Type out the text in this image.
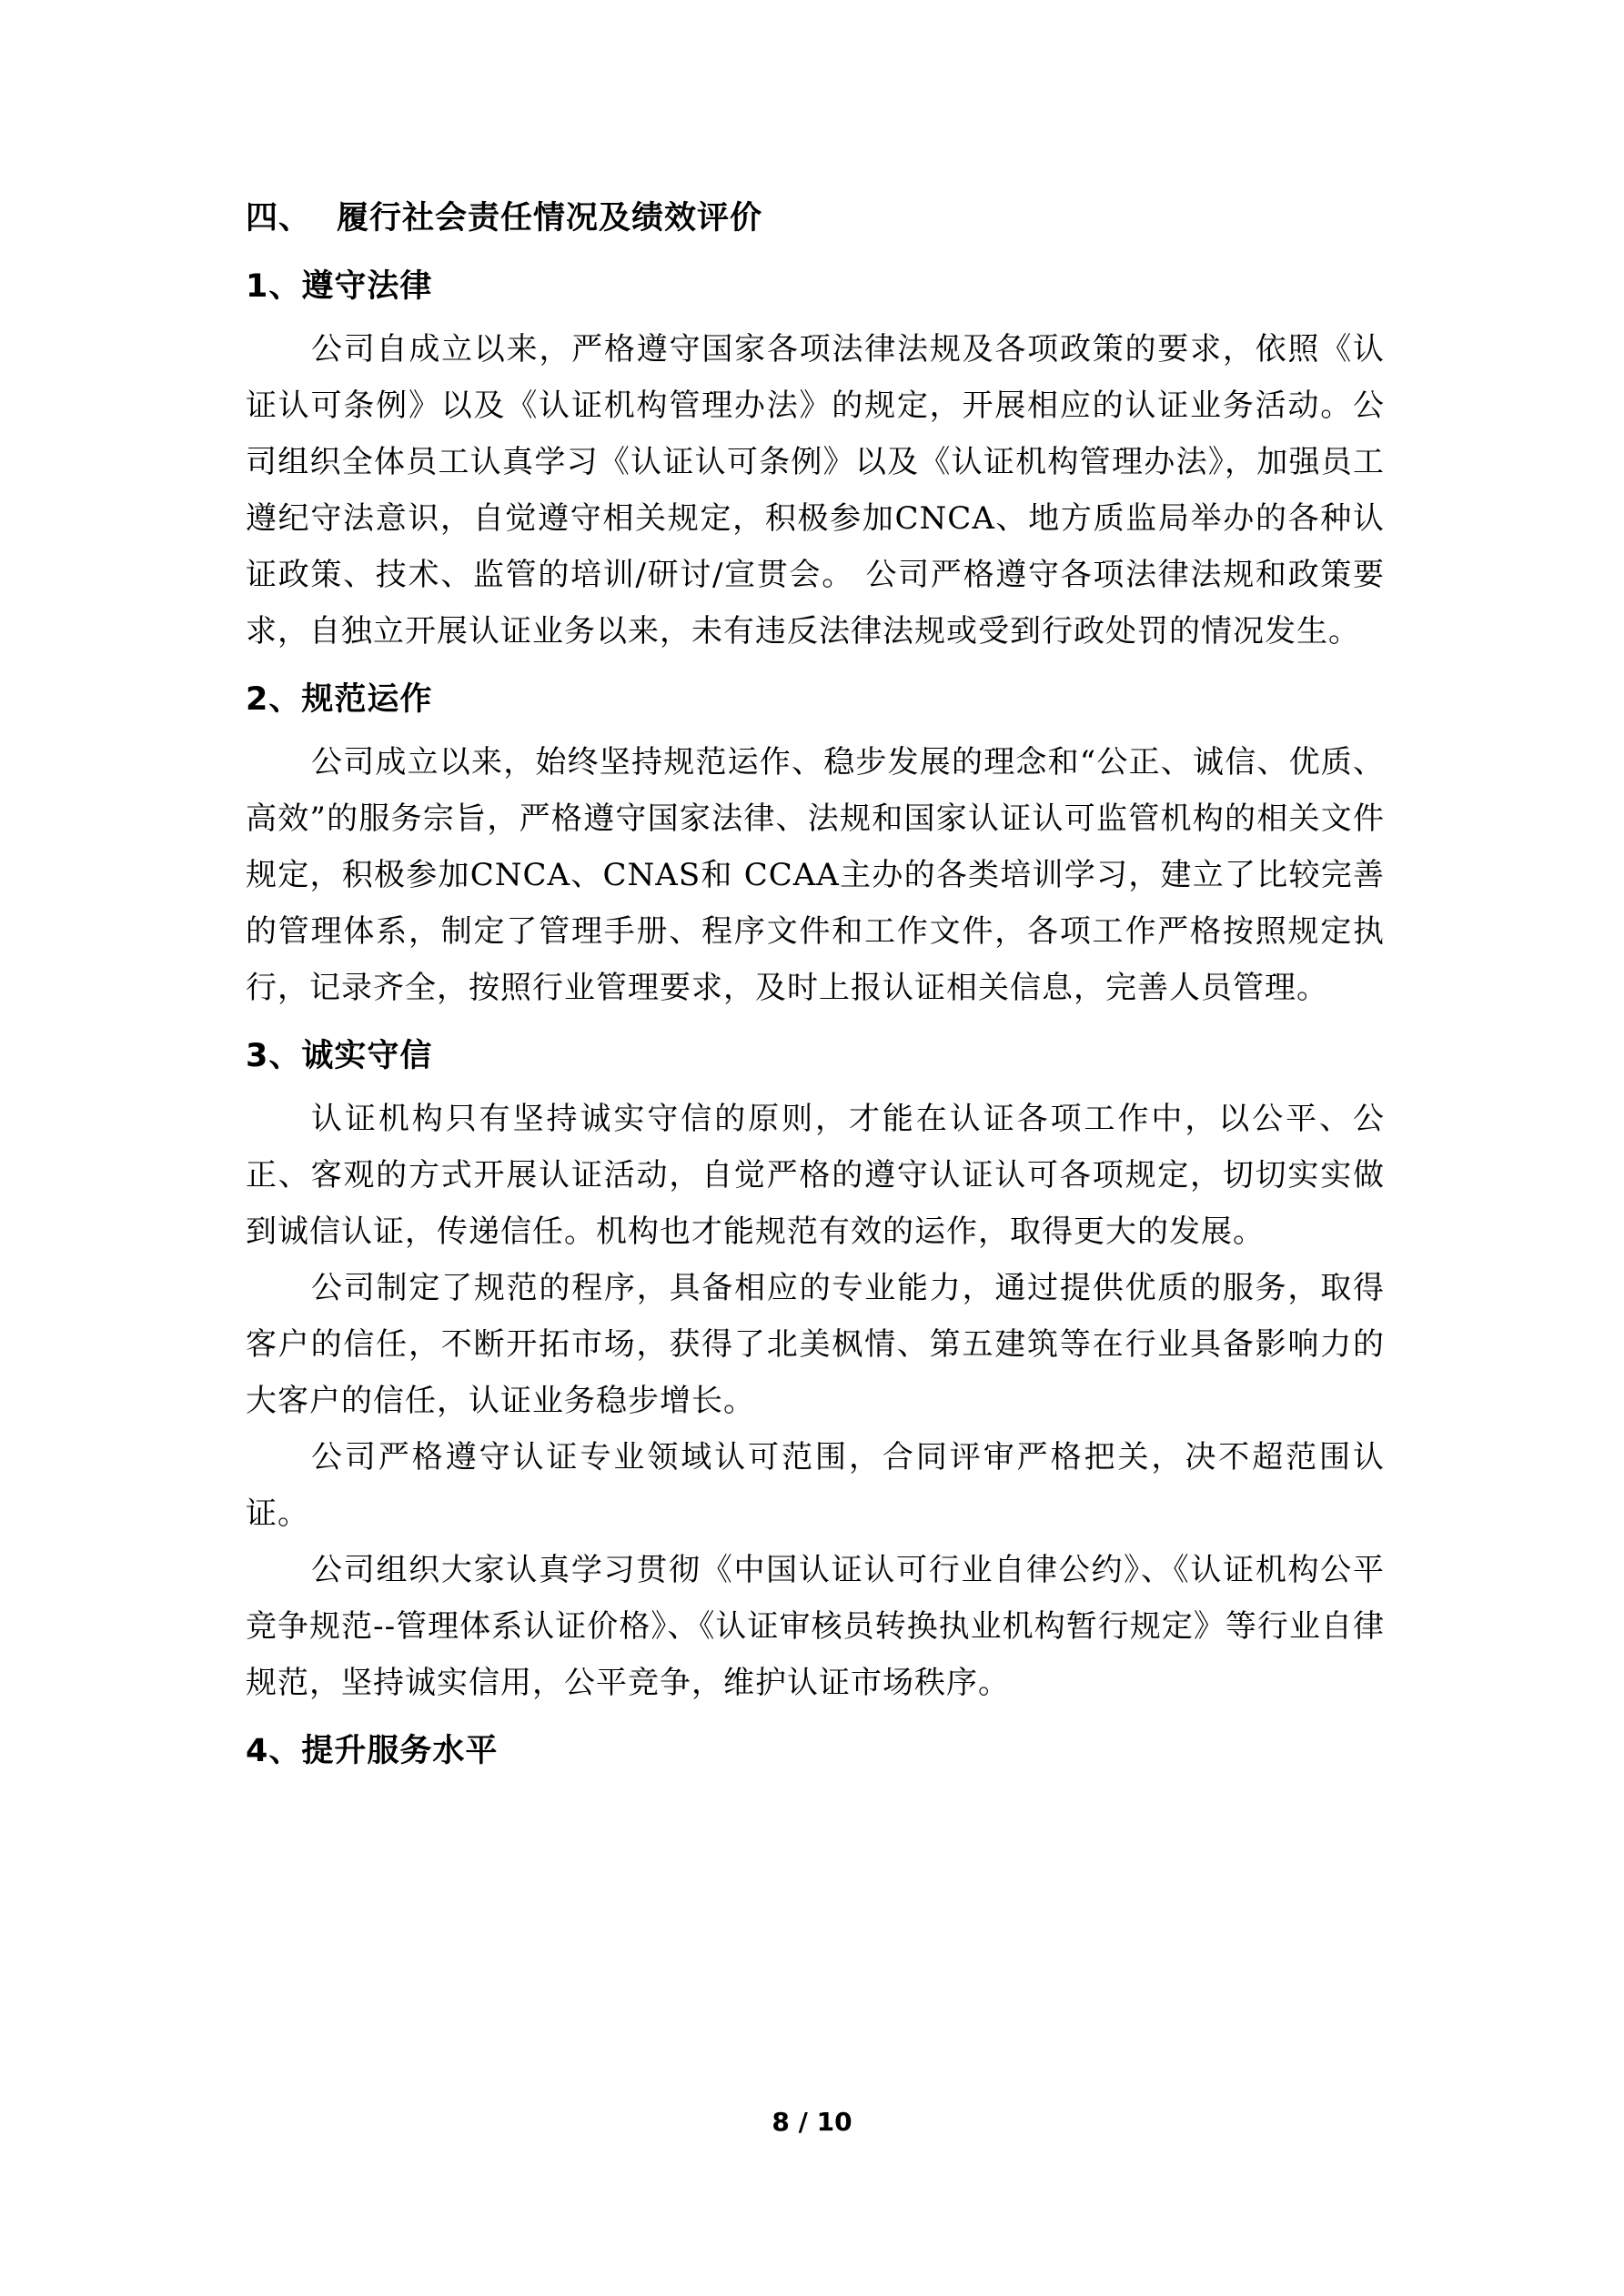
四、 履行社会责任情况及绩效评价
1、遵守法律

公司自成立以来，严格遵守国家各项法律法规及各项政策的要求，依照《认证认可条例》以及《认证机构管理办法》的规定，开展相应的认证业务活动。公司组织全体员工认真学习《认证认可条例》以及《认证机构管理办法》，加强员工遵纪守法意识，自觉遵守相关规定，积极参加CNCA、地方质监局举办的各种认证政策、技术、监管的培训/研讨/宣贯会。 公司严格遵守各项法律法规和政策要求，自独立开展认证业务以来，未有违反法律法规或受到行政处罚的情况发生。

2、规范运作

公司成立以来，始终坚持规范运作、稳步发展的理念和“公正、诚信、优质、高效”的服务宗旨，严格遵守国家法律、法规和国家认证认可监管机构的相关文件规定，积极参加CNCA、CNAS和 CCAA主办的各类培训学习，建立了比较完善的管理体系，制定了管理手册、程序文件和工作文件，各项工作严格按照规定执行，记录齐全，按照行业管理要求，及时上报认证相关信息，完善人员管理。

3、诚实守信

认证机构只有坚持诚实守信的原则，才能在认证各项工作中，以公平、公正、客观的方式开展认证活动，自觉严格的遵守认证认可各项规定，切切实实做到诚信认证，传递信任。机构也才能规范有效的运作，取得更大的发展。

公司制定了规范的程序，具备相应的专业能力，通过提供优质的服务，取得客户的信任，不断开拓市场，获得了北美枫情、第五建筑等在行业具备影响力的大客户的信任，认证业务稳步增长。

公司严格遵守认证专业领域认可范围，合同评审严格把关，决不超范围认证。

公司组织大家认真学习贯彻《中国认证认可行业自律公约》、《认证机构公平竞争规范--管理体系认证价格》、《认证审核员转换执业机构暂行规定》等行业自律规范，坚持诚实信用，公平竞争，维护认证市场秩序。

4、提升服务水平
8 / 10
